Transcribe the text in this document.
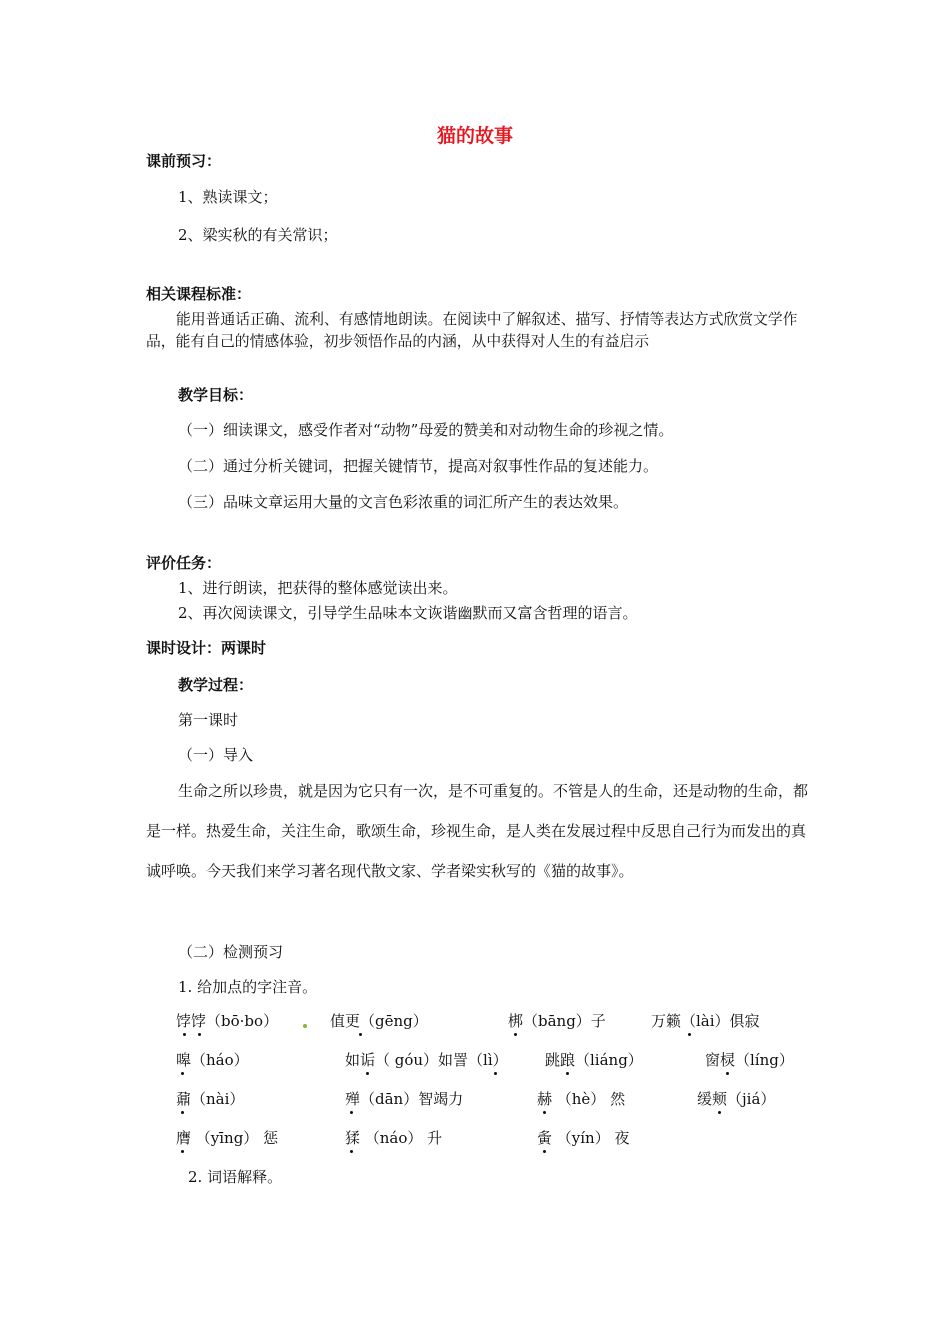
猫的故事
课前预习：
1、熟读课文；
2、梁实秋的有关常识；
相关课程标准：
能用普通话正确、流利、有感情地朗读。在阅读中了解叙述、描写、抒情等表达方式欣赏文学作品，能有自己的情感体验，初步领悟作品的内涵，从中获得对人生的有益启示
教学目标：
（一）细读课文，感受作者对“动物”母爱的赞美和对动物生命的珍视之情。
（二）通过分析关键词，把握关键情节，提高对叙事性作品的复述能力。
（三）品味文章运用大量的文言色彩浓重的词汇所产生的表达效果。
评价任务：
1、进行朗读，把获得的整体感觉读出来。
2、再次阅读课文，引导学生品味本文诙谐幽默而又富含哲理的语言。
课时设计：两课时
教学过程：
第一课时
（一）导入
生命之所以珍贵，就是因为它只有一次，是不可重复的。不管是人的生命，还是动物的生命，都是一样。热爱生命，关注生命，歌颂生命，珍视生命，是人类在发展过程中反思自己行为而发出的真诚呼唤。今天我们来学习著名现代散文家、学者梁实秋写的《猫的故事》。
（二）检测预习
1. 给加点的字注音。
饽饽（bō·bo）	值更（gēng）	梆（bāng）子	万籁（lài）俱寂
嗥（háo）	如诟（ góu）如詈（lì） 跳踉（liáng）	窗棂（líng）
鼐（nài）	殚（dān）智竭力	赫 （hè） 然	缓颊（jiá）
膺 （yīng） 惩	猱 （náo） 升	夤 （yín） 夜
2. 词语解释。
